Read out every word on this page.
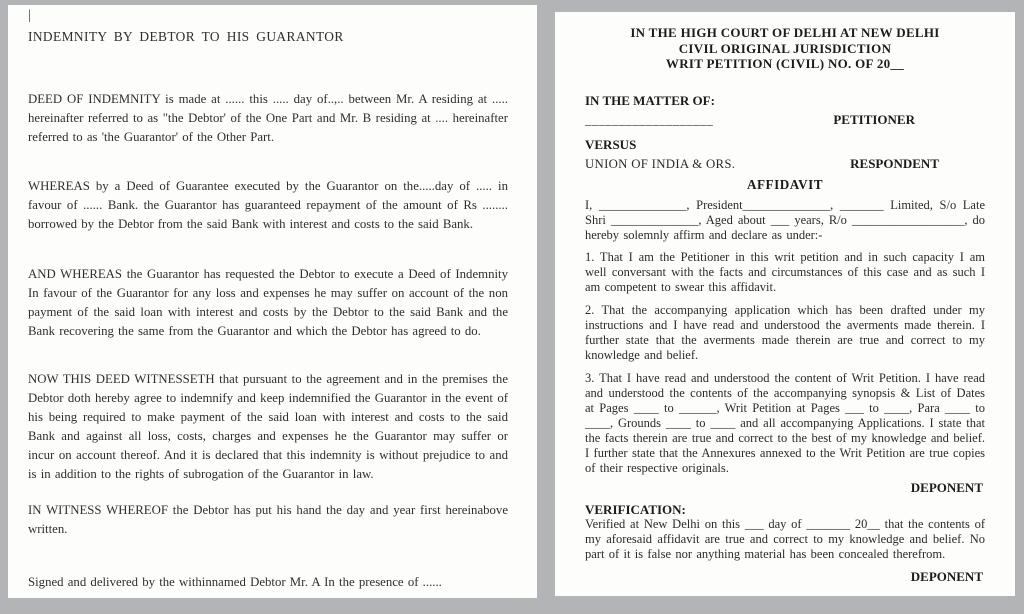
|
INDEMNITY BY DEBTOR TO HIS GUARANTOR

DEED OF INDEMNITY is made at ...... this ..... day of..,.. between Mr. A residing at ..... hereinafter referred to as "the Debtor' of the One Part and Mr. B residing at .... hereinafter referred to as 'the Guarantor' of the Other Part.

WHEREAS by a Deed of Guarantee executed by the Guarantor on the.....day of ..... in favour of ...... Bank. the Guarantor has guaranteed repayment of the amount of Rs ........ borrowed by the Debtor from the said Bank with interest and costs to the said Bank.

AND WHEREAS the Guarantor has requested the Debtor to execute a Deed of Indemnity In favour of the Guarantor for any loss and expenses he may suffer on account of the non payment of the said loan with interest and costs by the Debtor to the said Bank and the Bank recovering the same from the Guarantor and which the Debtor has agreed to do.

NOW THIS DEED WITNESSETH that pursuant to the agreement and in the premises the Debtor doth hereby agree to indemnify and keep indemnified the Guarantor in the event of his being required to make payment of the said loan with interest and costs to the said Bank and against all loss, costs, charges and expenses he the Guarantor may suffer or incur on account thereof. And it is declared that this indemnity is without prejudice to and is in addition to the rights of subrogation of the Guarantor in law.

IN WITNESS WHEREOF the Debtor has put his hand the day and year first hereinabove written.

Signed and delivered by the withinnamed Debtor Mr. A In the presence of ......

IN THE HIGH COURT OF DELHI AT NEW DELHI
CIVIL ORIGINAL JURISDICTION
WRIT PETITION (CIVIL) NO. OF 20__
IN THE MATTER OF:
___________________	PETITIONER
VERSUS
UNION OF INDIA & ORS.	RESPONDENT
AFFIDAVIT

I, ______________, President______________, _______ Limited, S/o Late Shri ______________, Aged about ___ years, R/o __________________, do hereby solemnly affirm and declare as under:-

1. That I am the Petitioner in this writ petition and in such capacity I am well conversant with the facts and circumstances of this case and as such I am competent to swear this affidavit.

2. That the accompanying application which has been drafted under my instructions and I have read and understood the averments made therein. I further state that the averments made therein are true and correct to my knowledge and belief.

3. That I have read and understood the content of Writ Petition. I have read and understood the contents of the accompanying synopsis & List of Dates at Pages ____ to ______, Writ Petition at Pages ___ to ____, Para ____ to ____, Grounds ____ to ____ and all accompanying Applications. I state that the facts therein are true and correct to the best of my knowledge and belief. I further state that the Annexures annexed to the Writ Petition are true copies of their respective originals.

DEPONENT
VERIFICATION:

Verified at New Delhi on this ___ day of _______ 20__ that the contents of my aforesaid affidavit are true and correct to my knowledge and belief. No part of it is false nor anything material has been concealed therefrom.

DEPONENT
